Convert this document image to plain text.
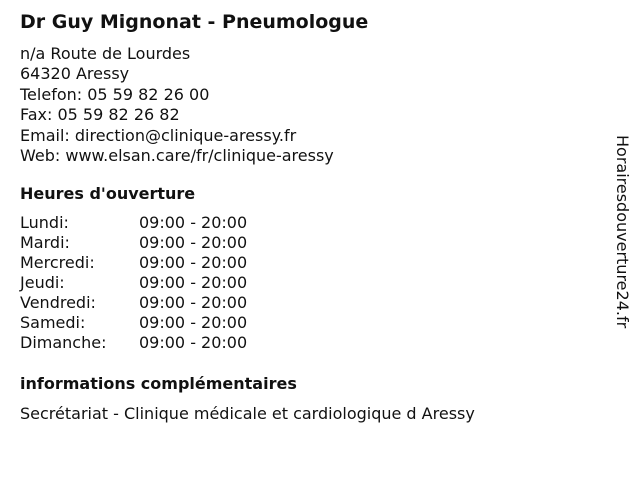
Dr Guy Mignonat - Pneumologue
n/a Route de Lourdes
64320 Aressy
Telefon: 05 59 82 26 00
Fax: 05 59 82 26 82
Email: direction@clinique-aressy.fr
Web: www.elsan.care/fr/clinique-aressy
Heures d'ouverture
Lundi:	09:00 - 20:00
Mardi:	09:00 - 20:00
Mercredi:	09:00 - 20:00
Jeudi:	09:00 - 20:00
Vendredi:	09:00 - 20:00
Samedi:	09:00 - 20:00
Dimanche:	09:00 - 20:00
informations complémentaires
Secrétariat - Clinique médicale et cardiologique d Aressy
Horairesdouverture24.fr
